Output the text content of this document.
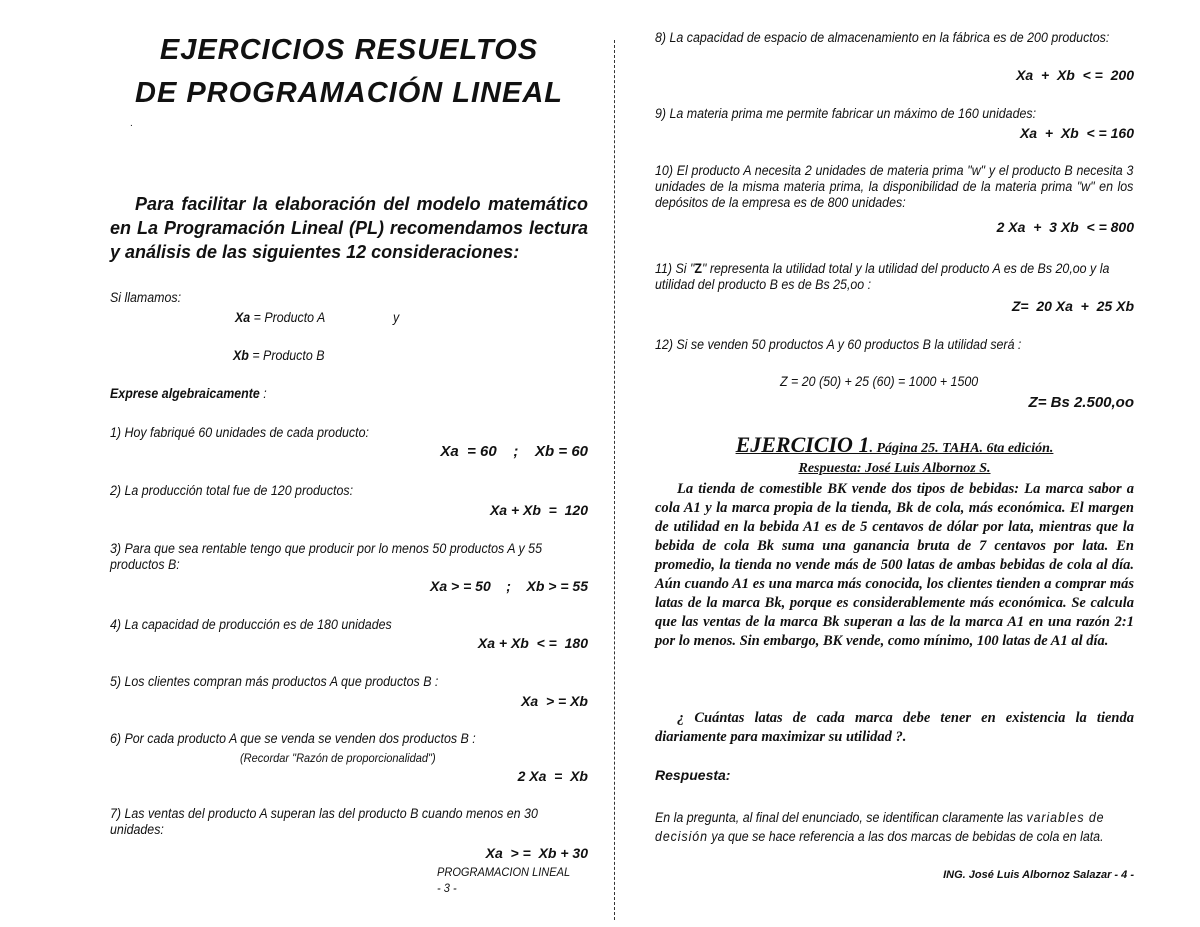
EJERCICIOS RESUELTOS
DE PROGRAMACIÓN LINEAL
.
Para facilitar la elaboración del modelo matemático en La Programación Lineal (PL) recomendamos lectura y análisis de las siguientes 12 consideraciones:
Si llamamos:
Xa = Producto A	y
Xb = Producto B
Exprese algebraicamente :
1) Hoy fabriqué 60 unidades de cada producto:
Xa  = 60    ;    Xb = 60
2) La producción total fue de 120 productos:
Xa + Xb  =  120
3) Para que sea rentable tengo que producir por lo menos 50 productos A y 55 productos B:
Xa > = 50    ;    Xb > = 55
4) La capacidad de producción es de 180 unidades
Xa + Xb  < =  180
5) Los clientes compran más productos A que productos B :
Xa  > = Xb
6) Por cada producto A que se venda se venden dos productos B :
(Recordar "Razón de proporcionalidad")
2 Xa  =  Xb
7) Las ventas del producto A superan las del producto B cuando menos en 30 unidades:
Xa  > =  Xb + 30
PROGRAMACION LINEAL - 3 -
8) La capacidad de espacio de almacenamiento en la fábrica es de 200 productos:
Xa  +  Xb  < =  200
9) La materia prima me permite fabricar un máximo de 160 unidades:
Xa  +  Xb  < = 160
10) El producto A necesita 2 unidades de materia prima "w" y el producto B necesita 3 unidades de la misma materia prima, la disponibilidad de la materia prima "w" en los depósitos de la empresa es de 800 unidades:
2 Xa  +  3 Xb  < = 800
11) Si "Z" representa la utilidad total y la utilidad del producto A es de Bs 20,oo y la utilidad del producto B es de Bs 25,oo :
Z=  20 Xa  +  25 Xb
12) Si se venden 50 productos A y 60 productos B la utilidad será :
Z = 20 (50) + 25 (60) = 1000 + 1500
Z= Bs 2.500,oo
EJERCICIO 1. Página 25. TAHA. 6ta edición.
Respuesta: José Luis Albornoz S.
La tienda de comestible BK vende dos tipos de bebidas: La marca sabor a cola A1 y la marca propia de la tienda, Bk de cola, más económica. El margen de utilidad en la bebida A1 es de 5 centavos de dólar por lata, mientras que la bebida de cola Bk suma una ganancia bruta de 7 centavos por lata. En promedio, la tienda no vende más de 500 latas de ambas bebidas de cola al día. Aún cuando A1 es una marca más conocida, los clientes tienden a comprar más latas de la marca Bk, porque es considerablemente más económica. Se calcula que las ventas de la marca Bk superan a las de la marca A1 en una razón 2:1 por lo menos. Sin embargo, BK vende, como mínimo, 100 latas de A1 al día.
¿ Cuántas latas de cada marca debe tener en existencia la tienda diariamente para maximizar su utilidad ?.
Respuesta:
En la pregunta, al final del enunciado, se identifican claramente las variables de decisión ya que se hace referencia a las dos marcas de bebidas de cola en lata.
ING. José Luis Albornoz Salazar - 4 -
